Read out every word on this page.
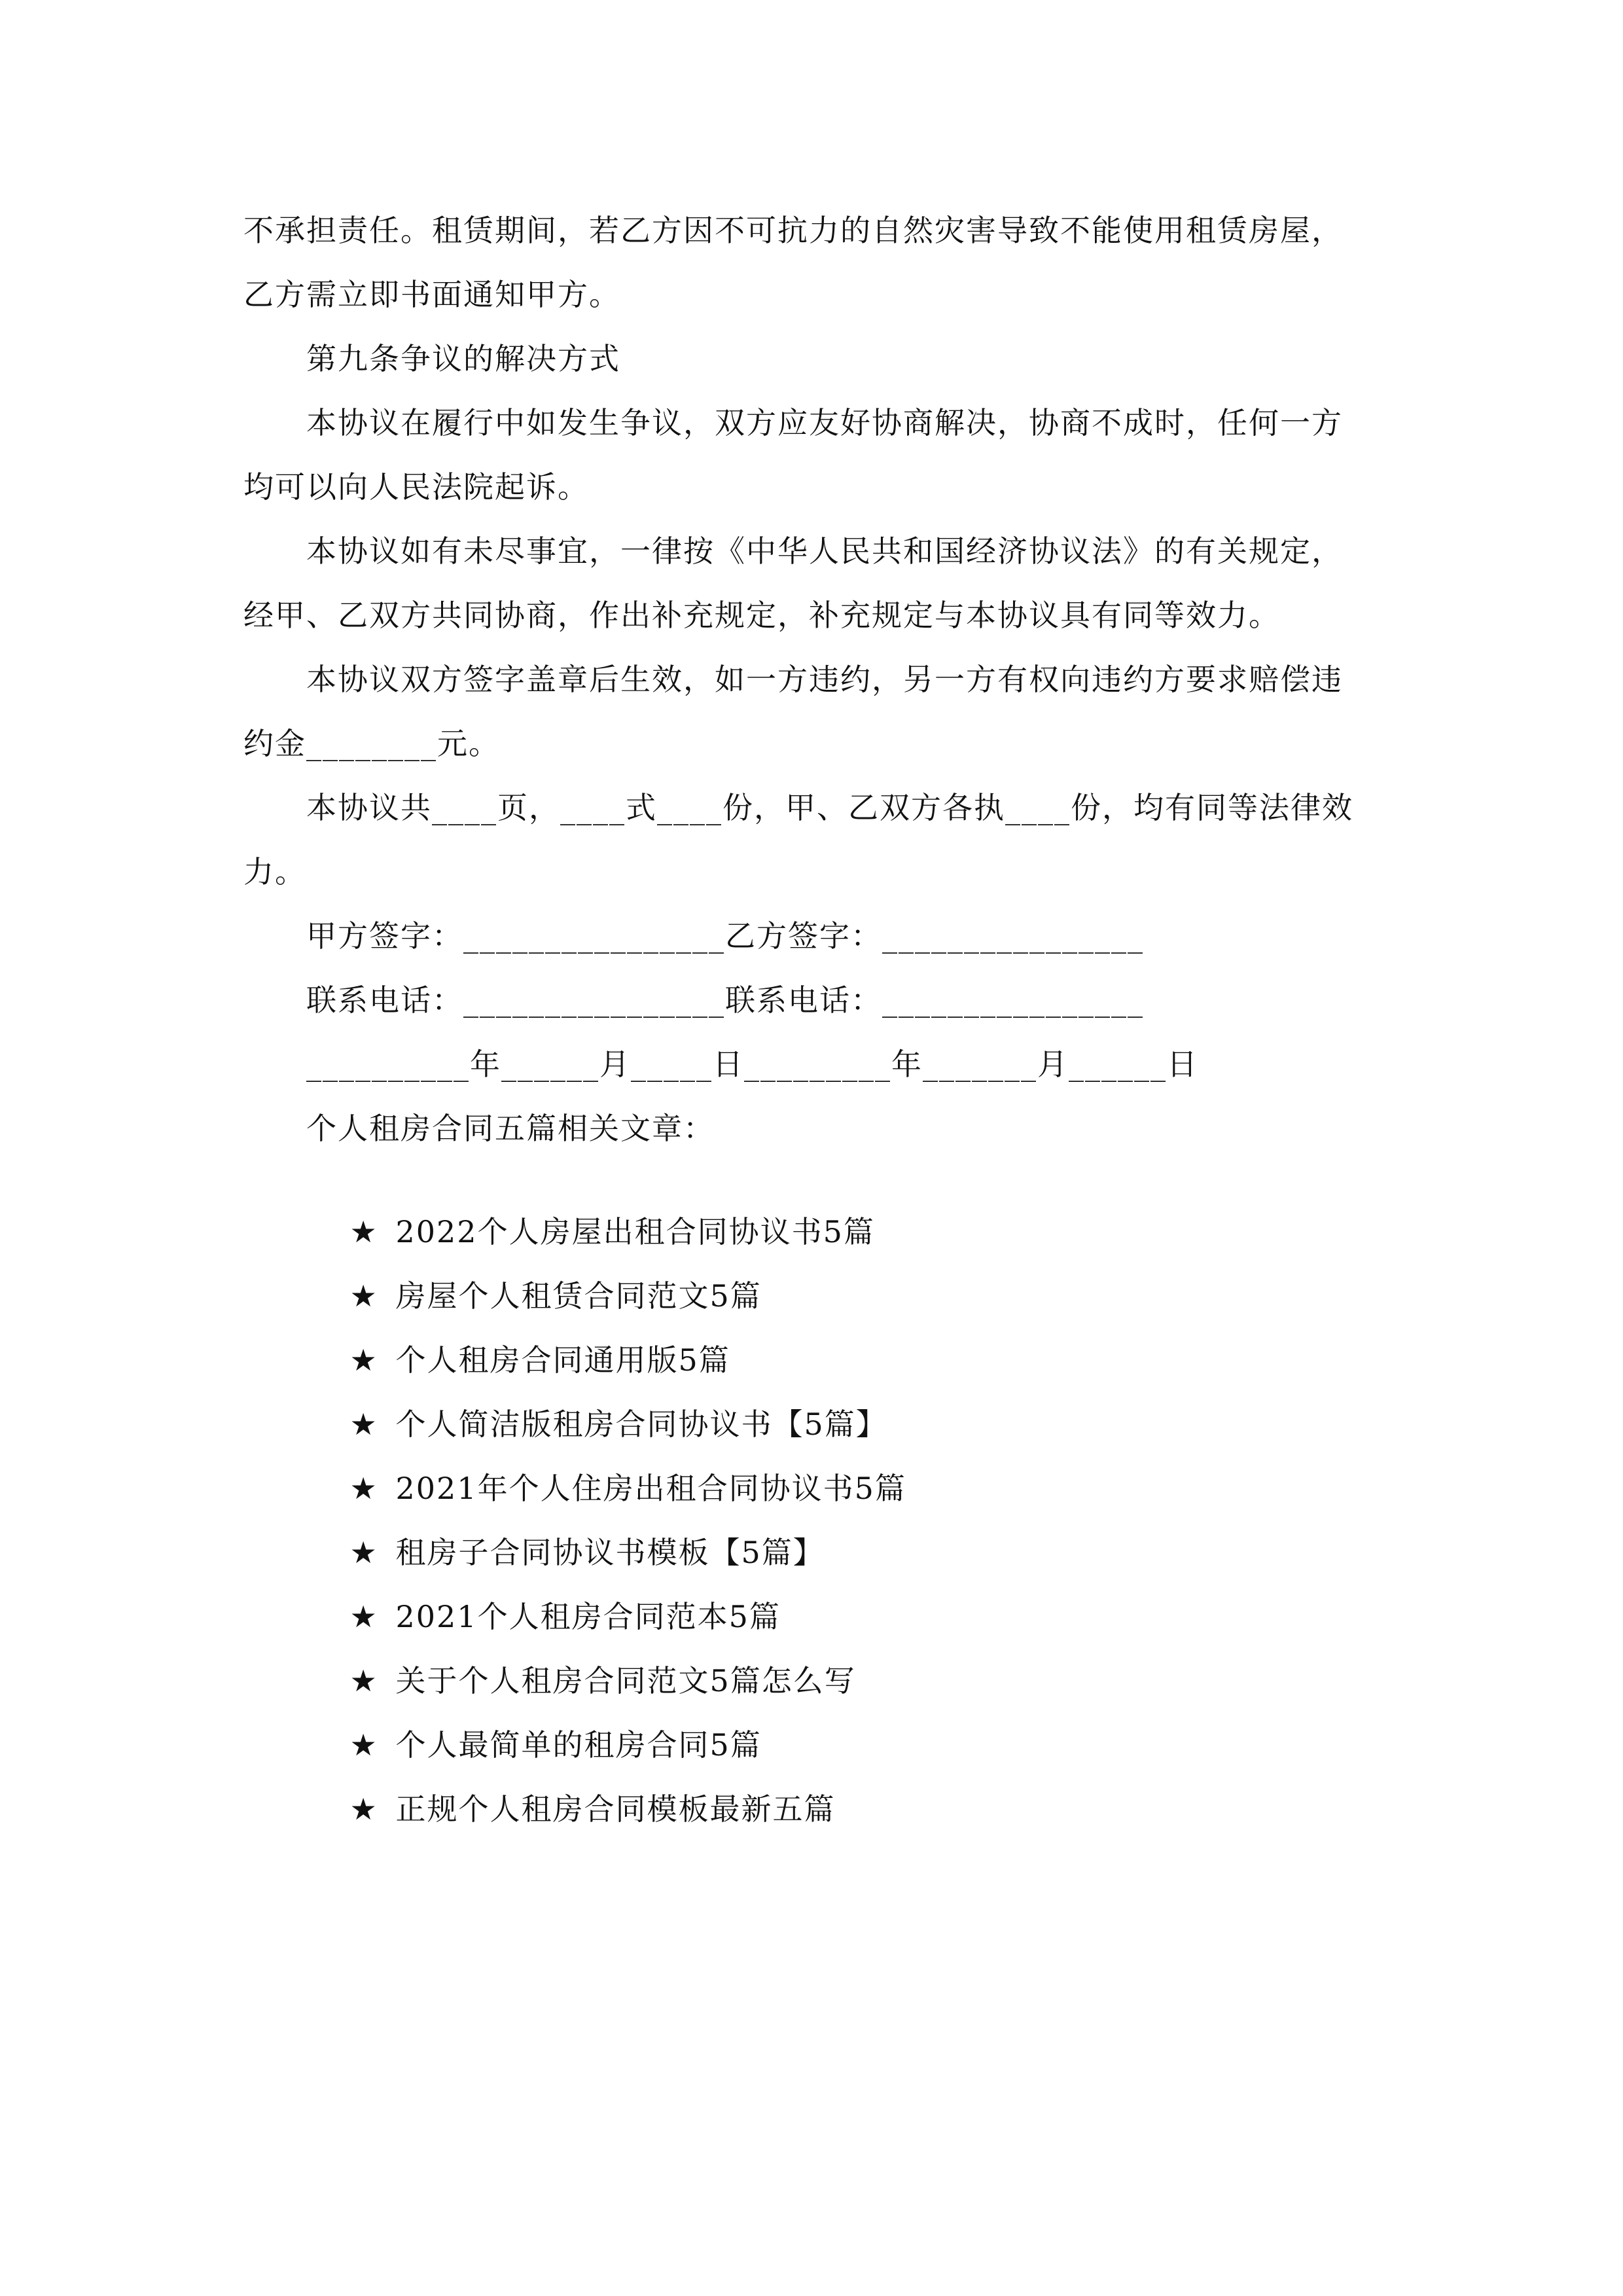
不承担责任。租赁期间，若乙方因不可抗力的自然灾害导致不能使用租赁房屋，
乙方需立即书面通知甲方。
第九条争议的解决方式
本协议在履行中如发生争议，双方应友好协商解决，协商不成时，任何一方
均可以向人民法院起诉。
本协议如有未尽事宜，一律按《中华人民共和国经济协议法》的有关规定，
经甲、乙双方共同协商，作出补充规定，补充规定与本协议具有同等效力。
本协议双方签字盖章后生效，如一方违约，另一方有权向违约方要求赔偿违
约金________元。
本协议共____页，____式____份，甲、乙双方各执____份，均有同等法律效
力。
甲方签字：________________乙方签字：________________
联系电话：________________联系电话：________________
__________年______月_____日_________年_______月______日
个人租房合同五篇相关文章：

★ 2022个人房屋出租合同协议书5篇

★ 房屋个人租赁合同范文5篇

★ 个人租房合同通用版5篇

★ 个人简洁版租房合同协议书【5篇】

★ 2021年个人住房出租合同协议书5篇

★ 租房子合同协议书模板【5篇】

★ 2021个人租房合同范本5篇

★ 关于个人租房合同范文5篇怎么写

★ 个人最简单的租房合同5篇

★ 正规个人租房合同模板最新五篇
